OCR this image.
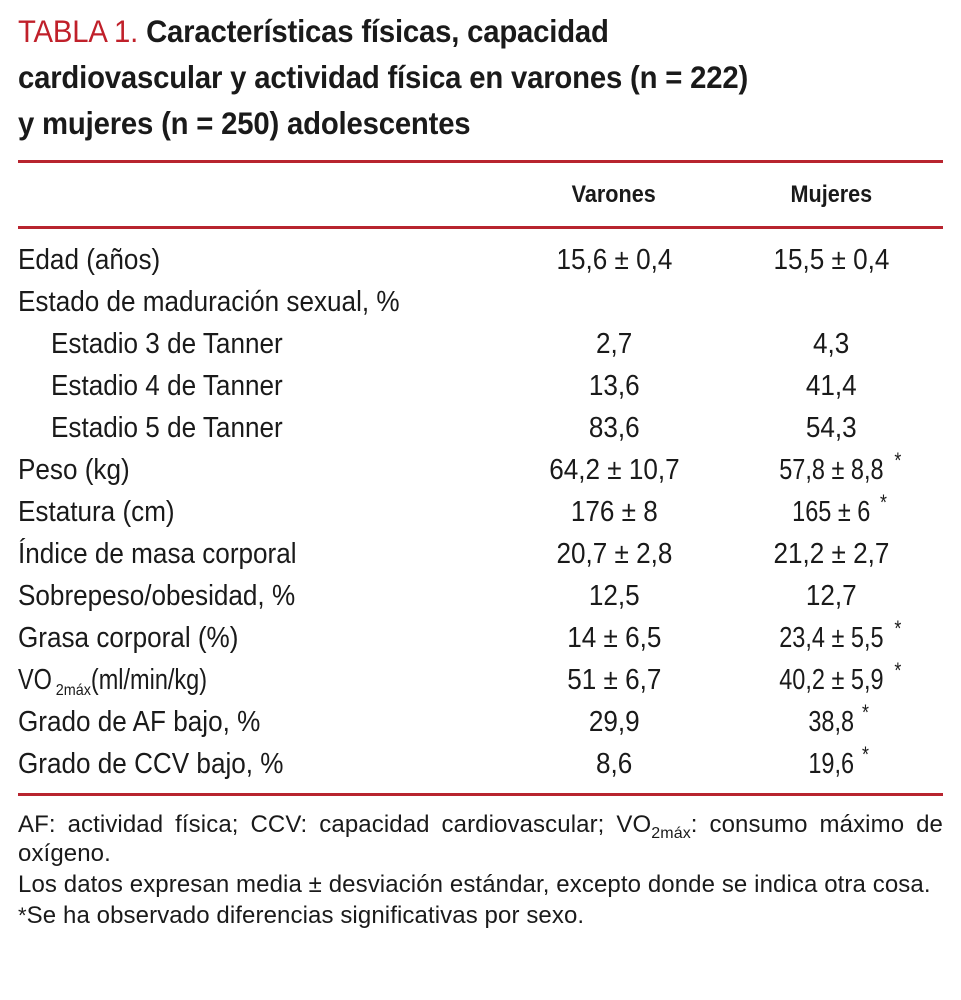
TABLA 1. Características físicas, capacidad
cardiovascular y actividad física en varones (n = 222)
y mujeres (n = 250) adolescentes
	Varones	Mujeres
Edad (años)	15,6 ± 0,4	15,5 ± 0,4
Estado de maduración sexual, %		
Estadio 3 de Tanner	2,7	4,3
Estadio 4 de Tanner	13,6	41,4
Estadio 5 de Tanner	83,6	54,3
Peso (kg)	64,2 ± 10,7	57,8 ± 8,8 *

Estatura (cm)	176 ± 8	165 ± 6 *

Índice de masa corporal	20,7 ± 2,8	21,2 ± 2,7
Sobrepeso/obesidad, %	12,5	12,7
Grasa corporal (%)	14 ± 6,5	23,4 ± 5,5 *

VO $_{2máx}$(ml/min/kg)	51 ± 6,7	40,2 ± 5,9 *

Grado de AF bajo, %	29,9	38,8 *

Grado de CCV bajo, %	8,6	19,6 *

AF: actividad física; CCV: capacidad cardiovascular; $VO_{2máx}$: consumo máximo de oxígeno.

Los datos expresan media ± desviación estándar, excepto donde se indica otra cosa.

*Se ha observado diferencias significativas por sexo.
